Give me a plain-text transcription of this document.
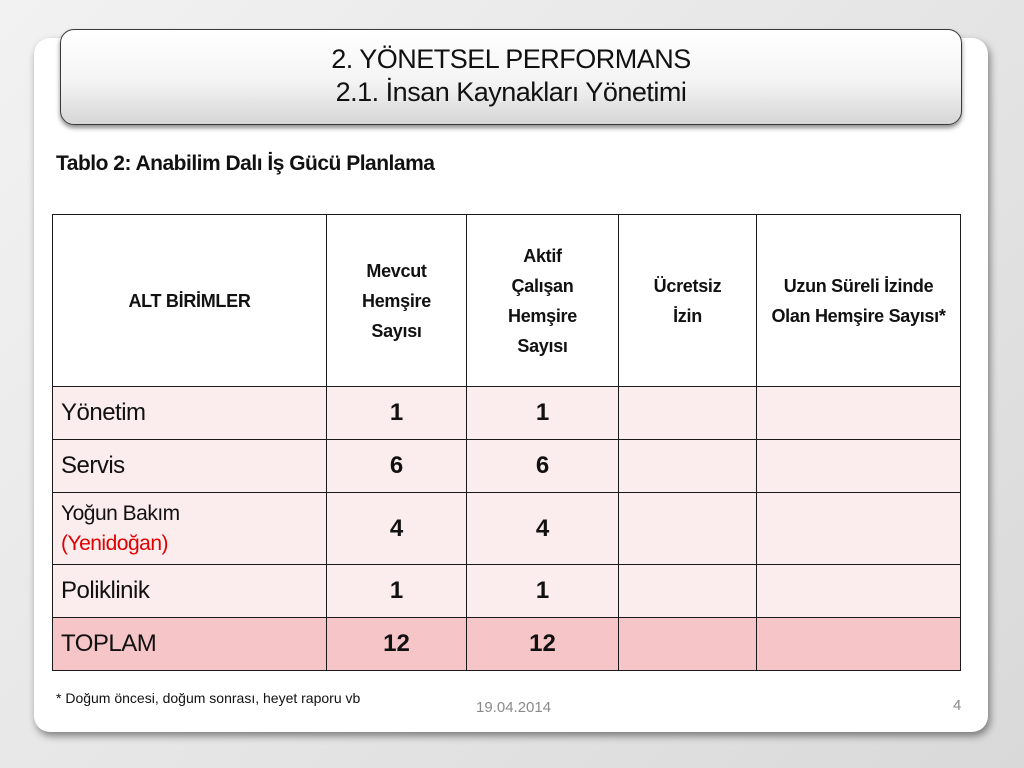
2. YÖNETSEL PERFORMANS
2.1. İnsan Kaynakları Yönetimi
Tablo 2: Anabilim Dalı İş Gücü Planlama
ALT BİRİMLER	Mevcut Hemşire Sayısı	Aktif Çalışan Hemşire Sayısı	Ücretsiz İzin	Uzun Süreli İzinde Olan Hemşire Sayısı*
Yönetim	1	1		
Servis	6	6		
Yoğun Bakım
(Yenidoğan)	4	4		
Poliklinik	1	1		
TOPLAM	12	12		
* Doğum öncesi, doğum sonrası, heyet raporu vb
19.04.2014	4
